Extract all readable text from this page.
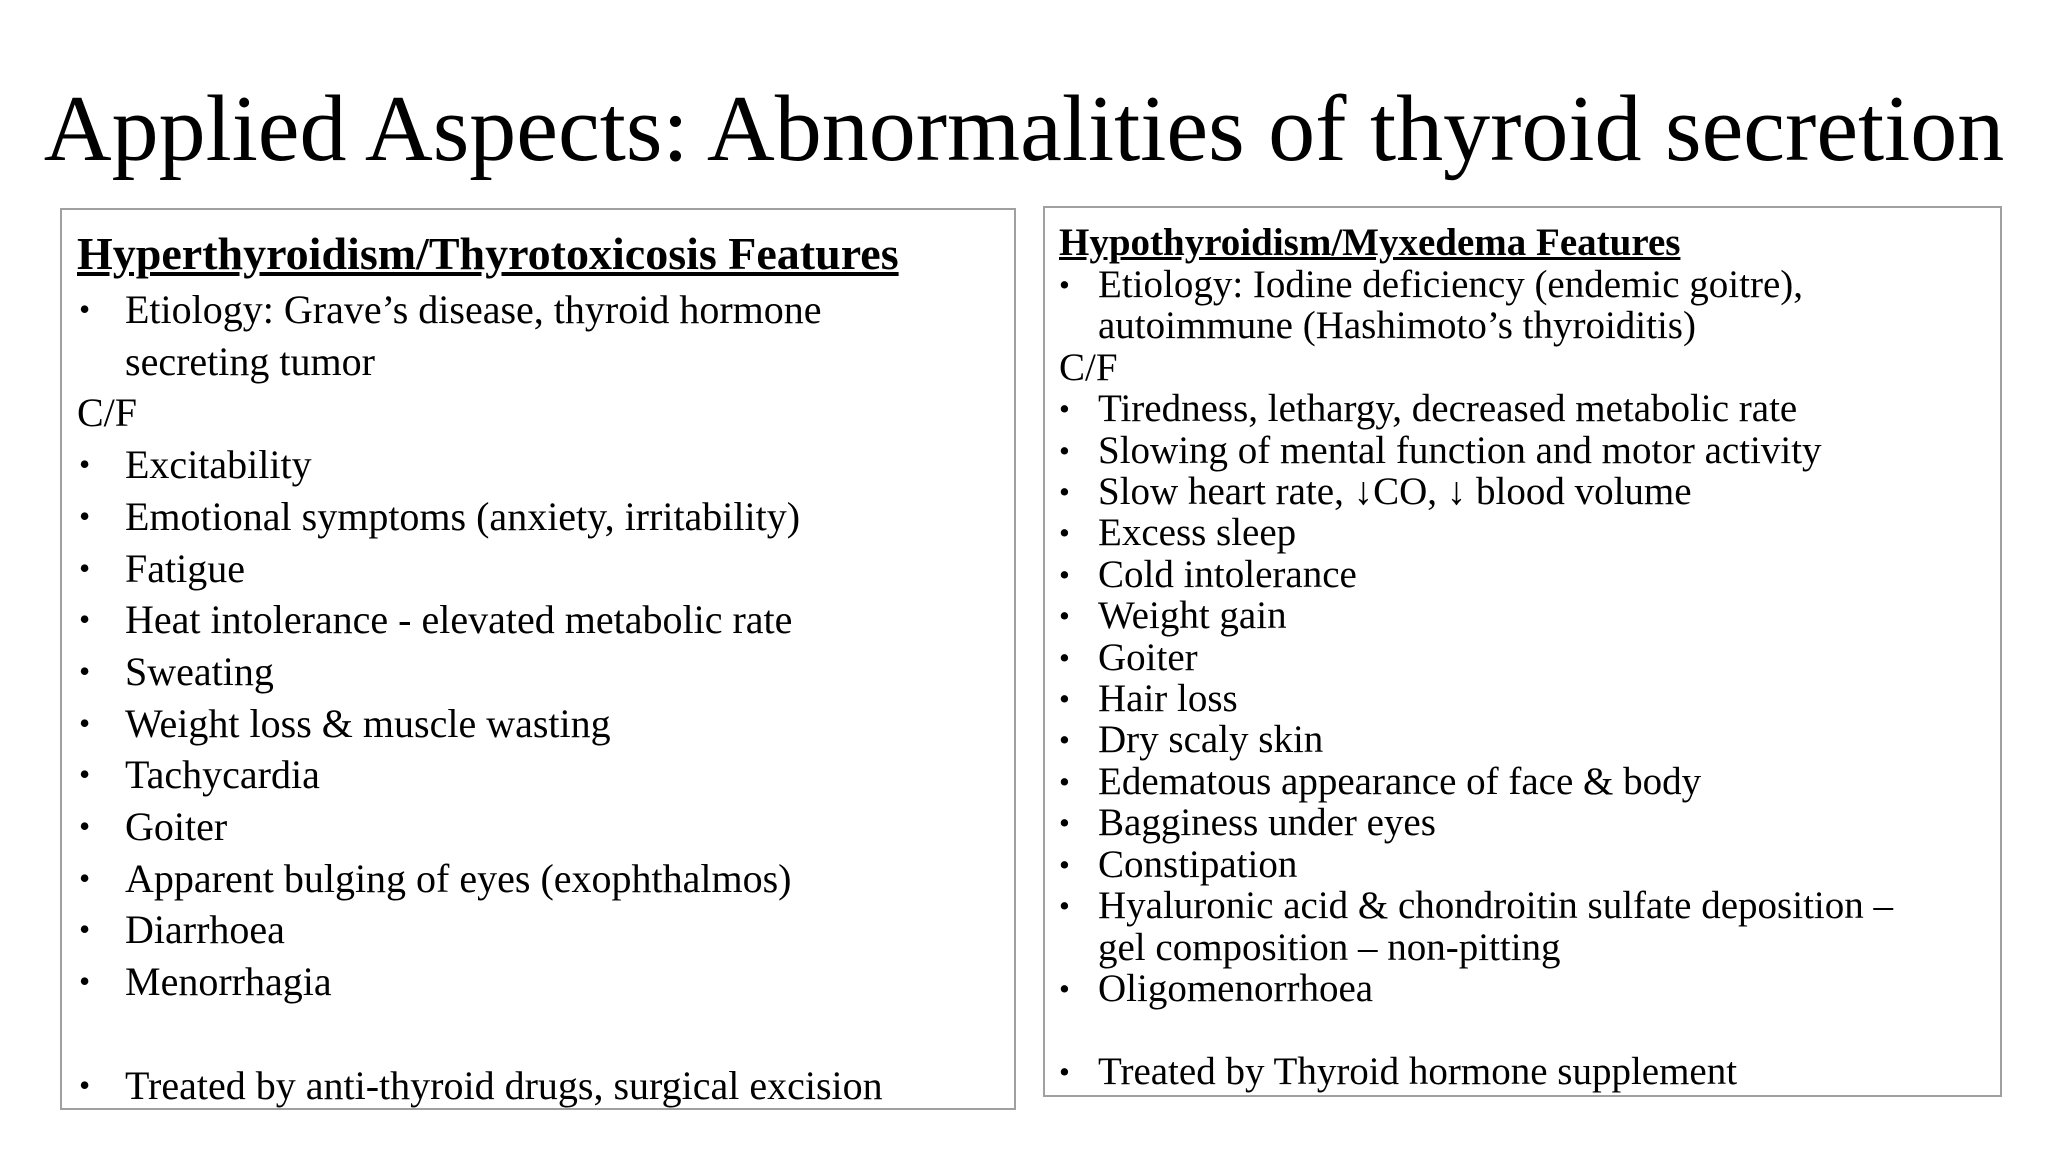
Applied Aspects: Abnormalities of thyroid secretion
Hyperthyroidism/Thyrotoxicosis Features
• Etiology: Grave’s disease, thyroid hormone
secreting tumor
C/F
• Excitability
• Emotional symptoms (anxiety, irritability)
• Fatigue
• Heat intolerance - elevated metabolic rate
• Sweating
• Weight loss & muscle wasting
• Tachycardia
• Goiter
• Apparent bulging of eyes (exophthalmos)
• Diarrhoea
• Menorrhagia
• Treated by anti-thyroid drugs, surgical excision
Hypothyroidism/Myxedema Features
• Etiology: Iodine deficiency (endemic goitre),
autoimmune (Hashimoto’s thyroiditis)
C/F
• Tiredness, lethargy, decreased metabolic rate
• Slowing of mental function and motor activity
• Slow heart rate, ↓CO, ↓ blood volume
• Excess sleep
• Cold intolerance
• Weight gain
• Goiter
• Hair loss
• Dry scaly skin
• Edematous appearance of face & body
• Bagginess under eyes
• Constipation
• Hyaluronic acid & chondroitin sulfate deposition –
gel composition – non-pitting
• Oligomenorrhoea
• Treated by Thyroid hormone supplement
